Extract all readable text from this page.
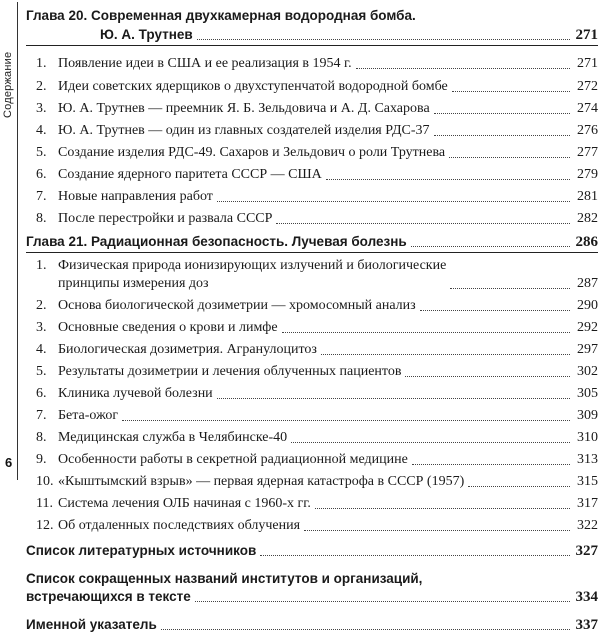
Содержание
6
Глава 20. Современная двухкамерная водородная бомба.
Ю. А. Трутнев	271
1. Появление идеи в США и ее реализация в 1954 г.	271
2. Идеи советских ядерщиков о двухступенчатой водородной бомбе	272
3. Ю. А. Трутнев — преемник Я. Б. Зельдовича и А. Д. Сахарова	274
4. Ю. А. Трутнев — один из главных создателей изделия РДС-37	276
5. Создание изделия РДС-49. Сахаров и Зельдович о роли Трутнева	277
6. Создание ядерного паритета СССР — США	279
7. Новые направления работ	281
8. После перестройки и развала СССР	282
Глава 21. Радиационная безопасность. Лучевая болезнь	286
1. Физическая природа ионизирующих излучений и биологические
принципы измерения доз	287
2. Основа биологической дозиметрии — хромосомный анализ	290
3. Основные сведения о крови и лимфе	292
4. Биологическая дозиметрия. Агранулоцитоз	297
5. Результаты дозиметрии и лечения облученных пациентов	302
6. Клиника лучевой болезни	305
7. Бета-ожог	309
8. Медицинская служба в Челябинске-40	310
9. Особенности работы в секретной радиационной медицине	313
10. «Кыштымский взрыв» — первая ядерная катастрофа в СССР (1957)	315
11. Система лечения ОЛБ начиная с 1960-х гг.	317
12. Об отдаленных последствиях облучения	322
Список литературных источников	327
Список сокращенных названий институтов и организаций,
встречающихся в тексте	334
Именной указатель	337
